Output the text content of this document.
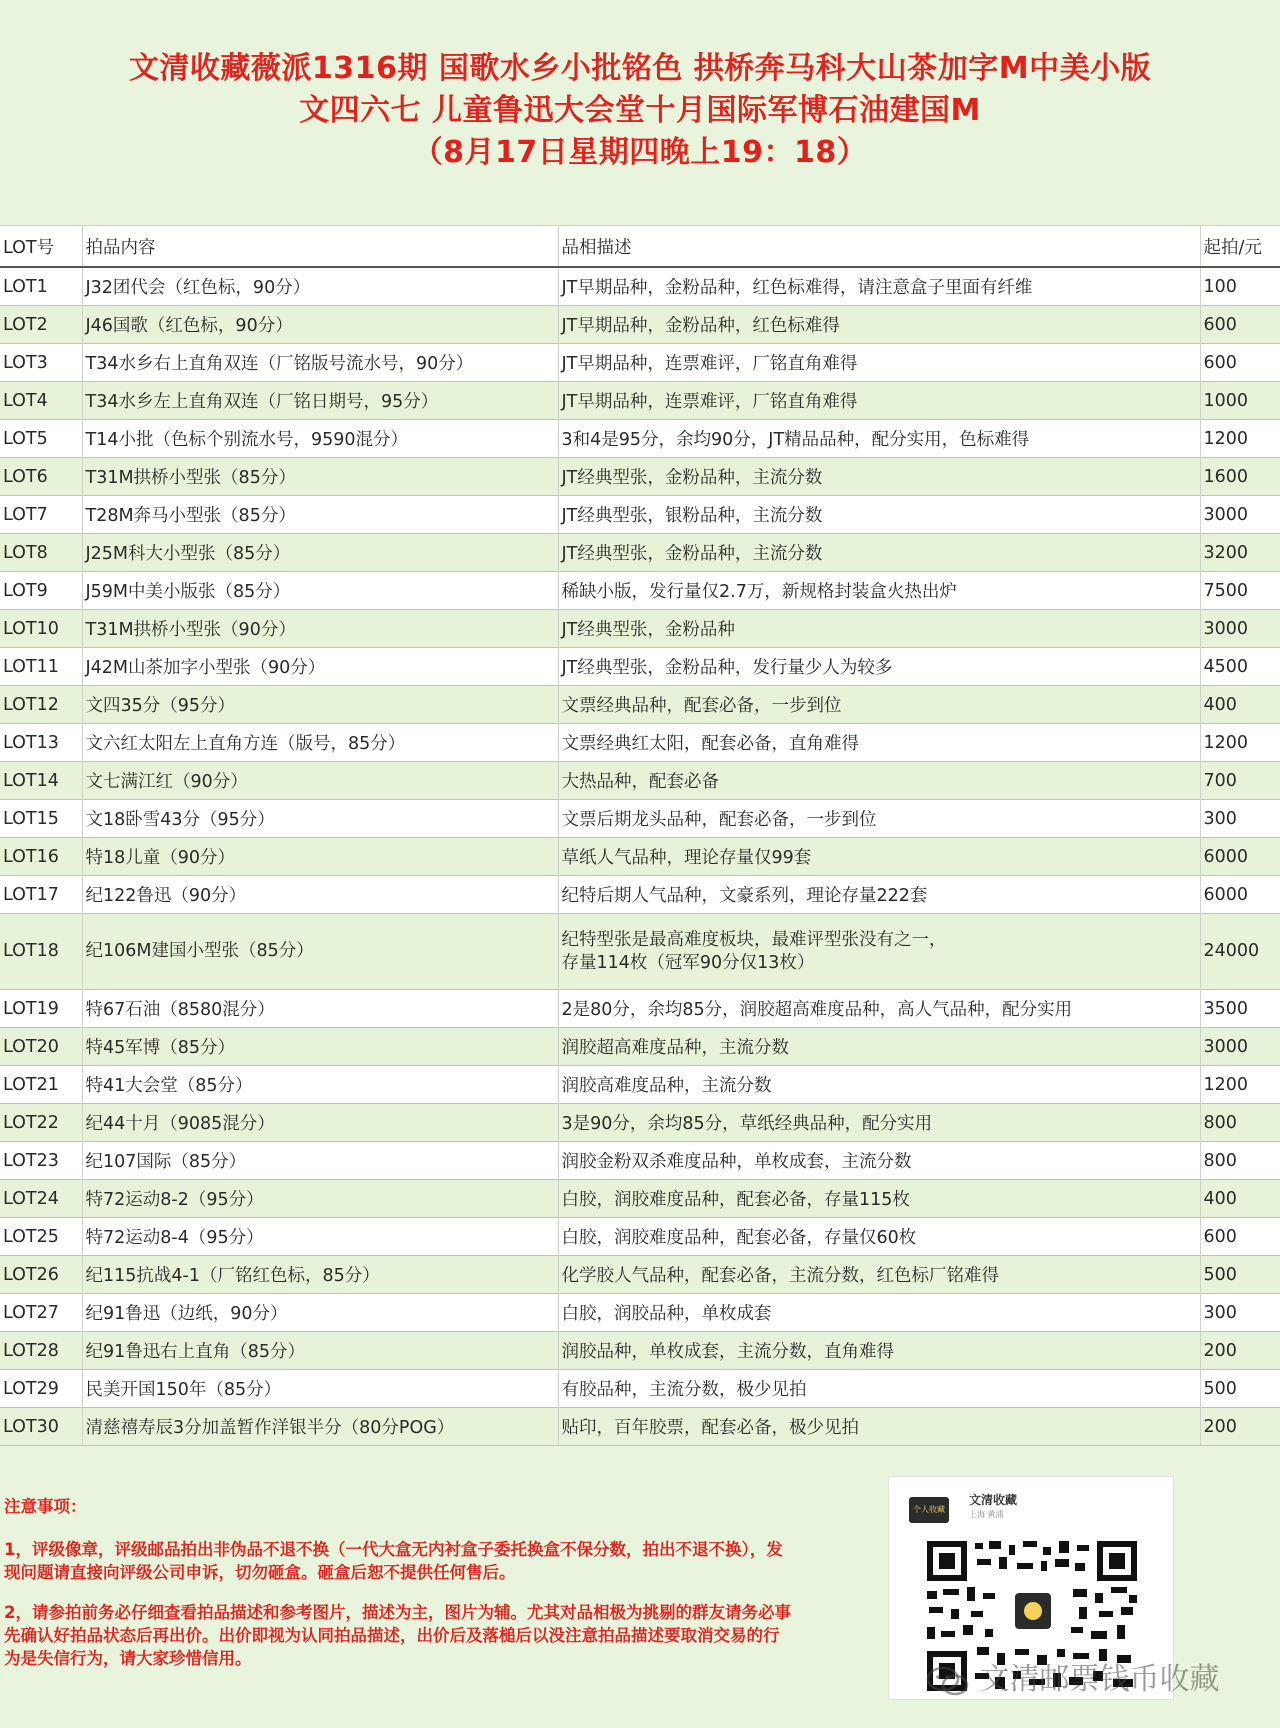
文清收藏薇派1316期 国歌水乡小批铭色 拱桥奔马科大山茶加字M中美小版
文四六七 儿童鲁迅大会堂十月国际军博石油建国M
（8月17日星期四晚上19：18）
LOT号	拍品内容	品相描述	起拍/元
LOT1	J32团代会（红色标，90分）	JT早期品种，金粉品种，红色标难得，请注意盒子里面有纤维	100
LOT2	J46国歌（红色标，90分）	JT早期品种，金粉品种，红色标难得	600
LOT3	T34水乡右上直角双连（厂铭版号流水号，90分）	JT早期品种，连票难评，厂铭直角难得	600
LOT4	T34水乡左上直角双连（厂铭日期号，95分）	JT早期品种，连票难评，厂铭直角难得	1000
LOT5	T14小批（色标个别流水号，9590混分）	3和4是95分，余均90分，JT精品品种，配分实用，色标难得	1200
LOT6	T31M拱桥小型张（85分）	JT经典型张，金粉品种，主流分数	1600
LOT7	T28M奔马小型张（85分）	JT经典型张，银粉品种，主流分数	3000
LOT8	J25M科大小型张（85分）	JT经典型张，金粉品种，主流分数	3200
LOT9	J59M中美小版张（85分）	稀缺小版，发行量仅2.7万，新规格封装盒火热出炉	7500
LOT10	T31M拱桥小型张（90分）	JT经典型张，金粉品种	3000
LOT11	J42M山茶加字小型张（90分）	JT经典型张，金粉品种，发行量少人为较多	4500
LOT12	文四35分（95分）	文票经典品种，配套必备，一步到位	400
LOT13	文六红太阳左上直角方连（版号，85分）	文票经典红太阳，配套必备，直角难得	1200
LOT14	文七满江红（90分）	大热品种，配套必备	700
LOT15	文18卧雪43分（95分）	文票后期龙头品种，配套必备，一步到位	300
LOT16	特18儿童（90分）	草纸人气品种，理论存量仅99套	6000
LOT17	纪122鲁迅（90分）	纪特后期人气品种，文豪系列，理论存量222套	6000
LOT18	纪106M建国小型张（85分）	纪特型张是最高难度板块，最难评型张没有之一，
存量114枚（冠军90分仅13枚）	24000
LOT19	特67石油（8580混分）	2是80分，余均85分，润胶超高难度品种，高人气品种，配分实用	3500
LOT20	特45军博（85分）	润胶超高难度品种，主流分数	3000
LOT21	特41大会堂（85分）	润胶高难度品种，主流分数	1200
LOT22	纪44十月（9085混分）	3是90分，余均85分，草纸经典品种，配分实用	800
LOT23	纪107国际（85分）	润胶金粉双杀难度品种，单枚成套，主流分数	800
LOT24	特72运动8-2（95分）	白胶，润胶难度品种，配套必备，存量115枚	400
LOT25	特72运动8-4（95分）	白胶，润胶难度品种，配套必备，存量仅60枚	600
LOT26	纪115抗战4-1（厂铭红色标，85分）	化学胶人气品种，配套必备，主流分数，红色标厂铭难得	500
LOT27	纪91鲁迅（边纸，90分）	白胶，润胶品种，单枚成套	300
LOT28	纪91鲁迅右上直角（85分）	润胶品种，单枚成套，主流分数，直角难得	200
LOT29	民美开国150年（85分）	有胶品种，主流分数，极少见拍	500
LOT30	清慈禧寿辰3分加盖暂作洋银半分（80分POG）	贴印，百年胶票，配套必备，极少见拍	200

注意事项：

1，评级像章，评级邮品拍出非伪品不退不换（一代大盒无内衬盒子委托换盒不保分数，拍出不退不换），发现问题请直接向评级公司申诉，切勿砸盒。砸盒后恕不提供任何售后。

2，请参拍前务必仔细查看拍品描述和参考图片，描述为主，图片为辅。尤其对品相极为挑剔的群友请务必事先确认好拍品状态后再出价。出价即视为认同拍品描述，出价后及落槌后以没注意拍品描述要取消交易的行为是失信行为，请大家珍惜信用。

个人收藏
文清收藏
上海 黄浦
文清邮票钱币收藏
